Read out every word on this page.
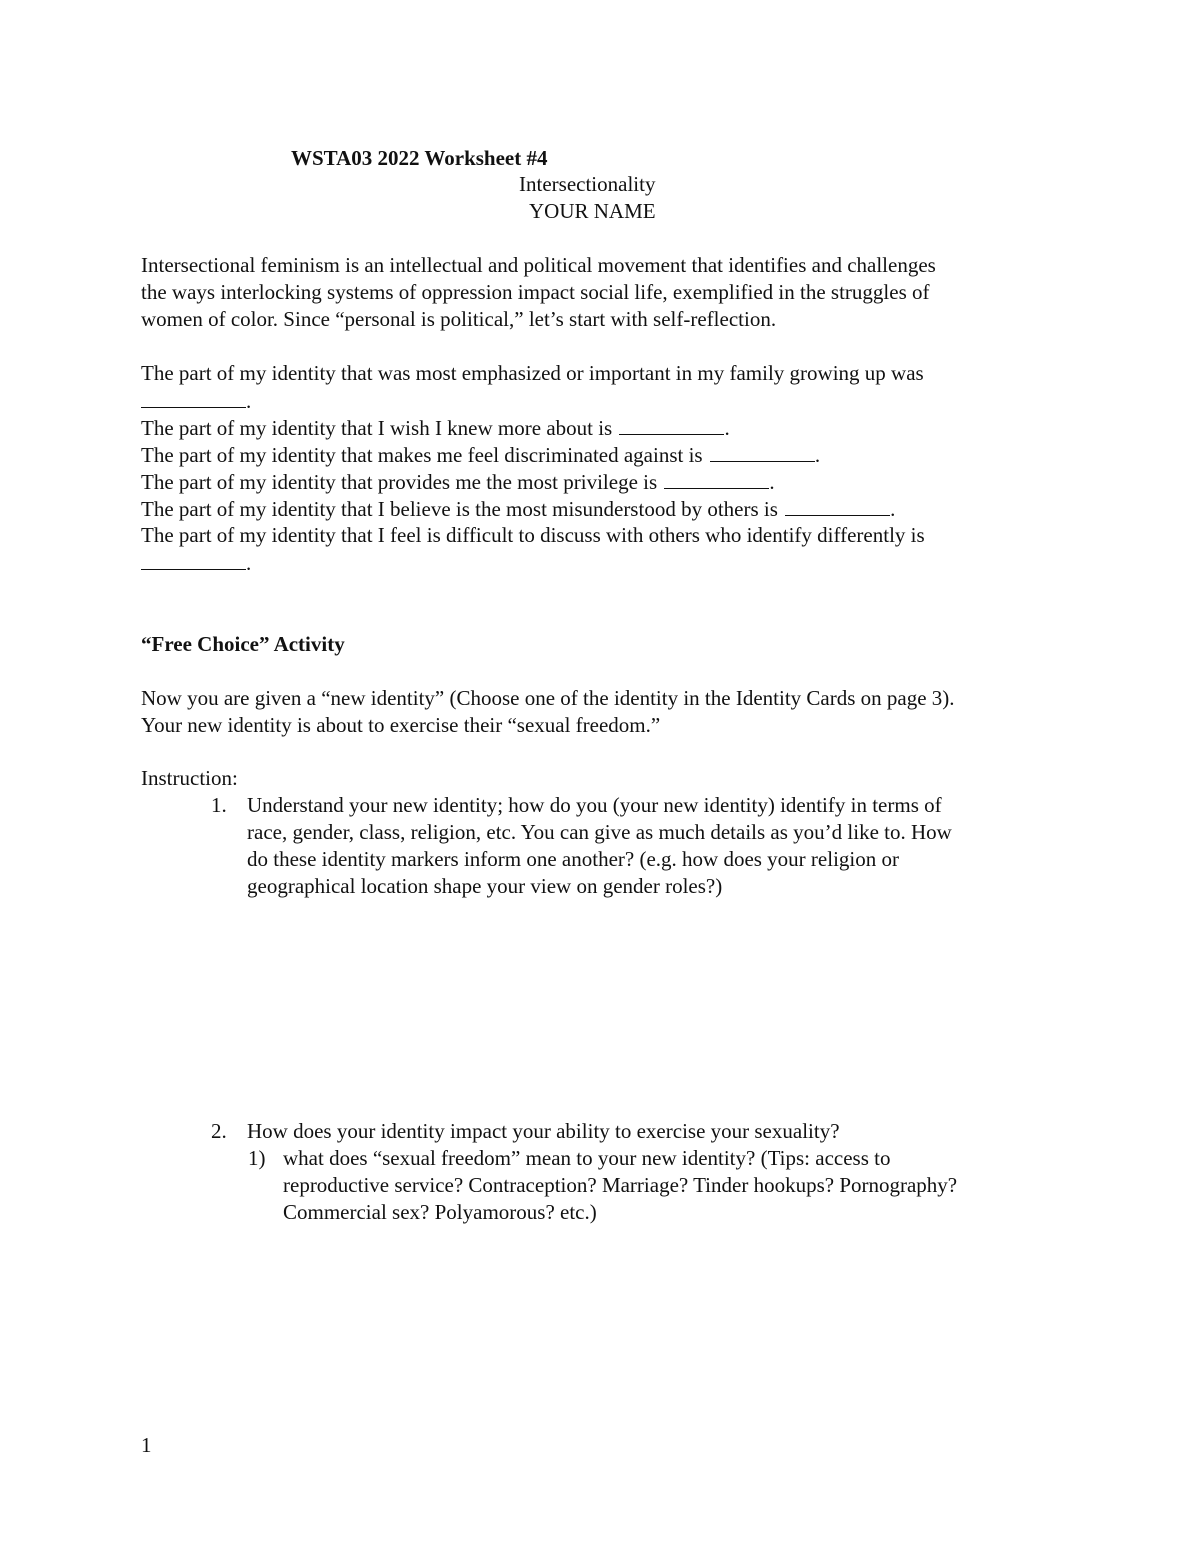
WSTA03 2022 Worksheet #4
Intersectionality
YOUR NAME
Intersectional feminism is an intellectual and political movement that identifies and challenges
the ways interlocking systems of oppression impact social life, exemplified in the struggles of
women of color. Since “personal is political,” let’s start with self-reflection.
The part of my identity that was most emphasized or important in my family growing up was
.
The part of my identity that I wish I knew more about is	.
The part of my identity that makes me feel discriminated against is	.
The part of my identity that provides me the most privilege is	.
The part of my identity that I believe is the most misunderstood by others is	.
The part of my identity that I feel is difficult to discuss with others who identify differently is
.
“Free Choice” Activity
Now you are given a “new identity” (Choose one of the identity in the Identity Cards on page 3).
Your new identity is about to exercise their “sexual freedom.”
Instruction:
1. Understand your new identity; how do you (your new identity) identify in terms of
race, gender, class, religion, etc. You can give as much details as you’d like to. How
do these identity markers inform one another? (e.g. how does your religion or
geographical location shape your view on gender roles?)
2. How does your identity impact your ability to exercise your sexuality?
1) what does “sexual freedom” mean to your new identity? (Tips: access to
reproductive service? Contraception? Marriage? Tinder hookups? Pornography?
Commercial sex? Polyamorous? etc.)
1
